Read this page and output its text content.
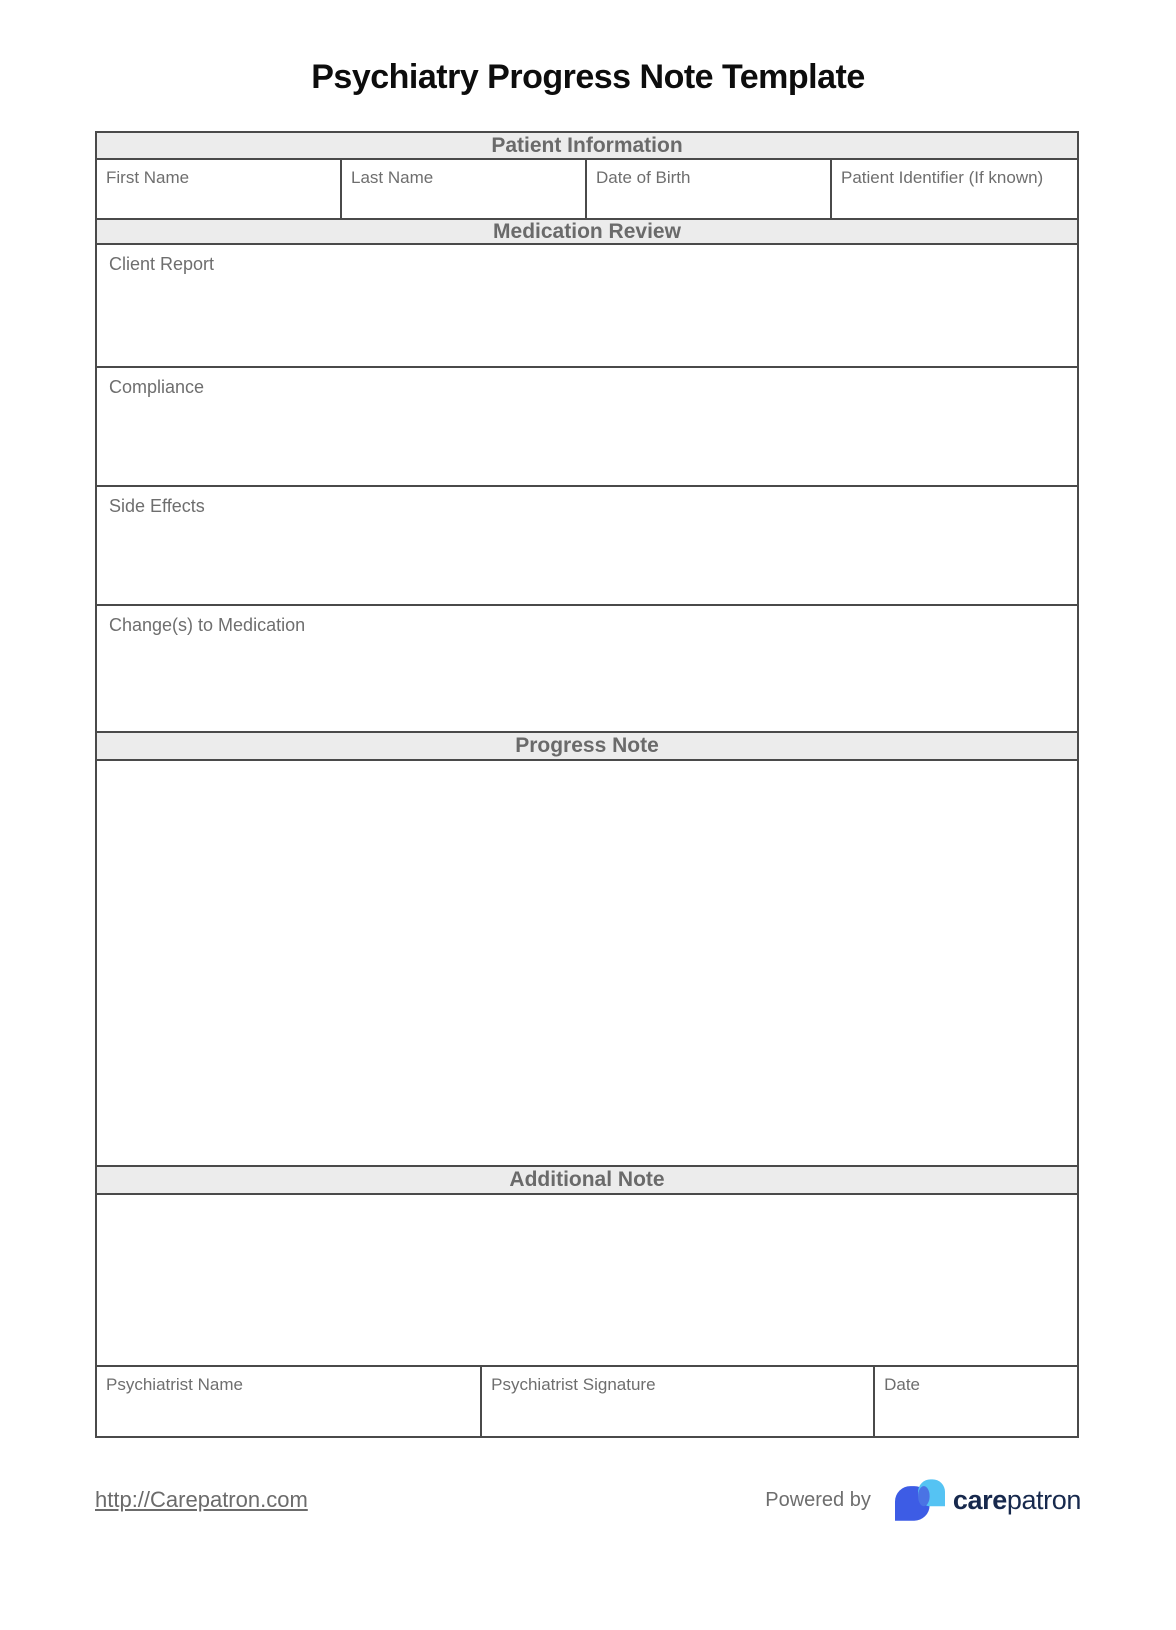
Psychiatry Progress Note Template
Patient Information
First Name	Last Name	Date of Birth	Patient Identifier (If known)
Medication Review
Client Report
Compliance
Side Effects
Change(s) to Medication
Progress Note
Additional Note
Psychiatrist Name	Psychiatrist Signature	Date
http://Carepatron.com	Powered by	carepatron
